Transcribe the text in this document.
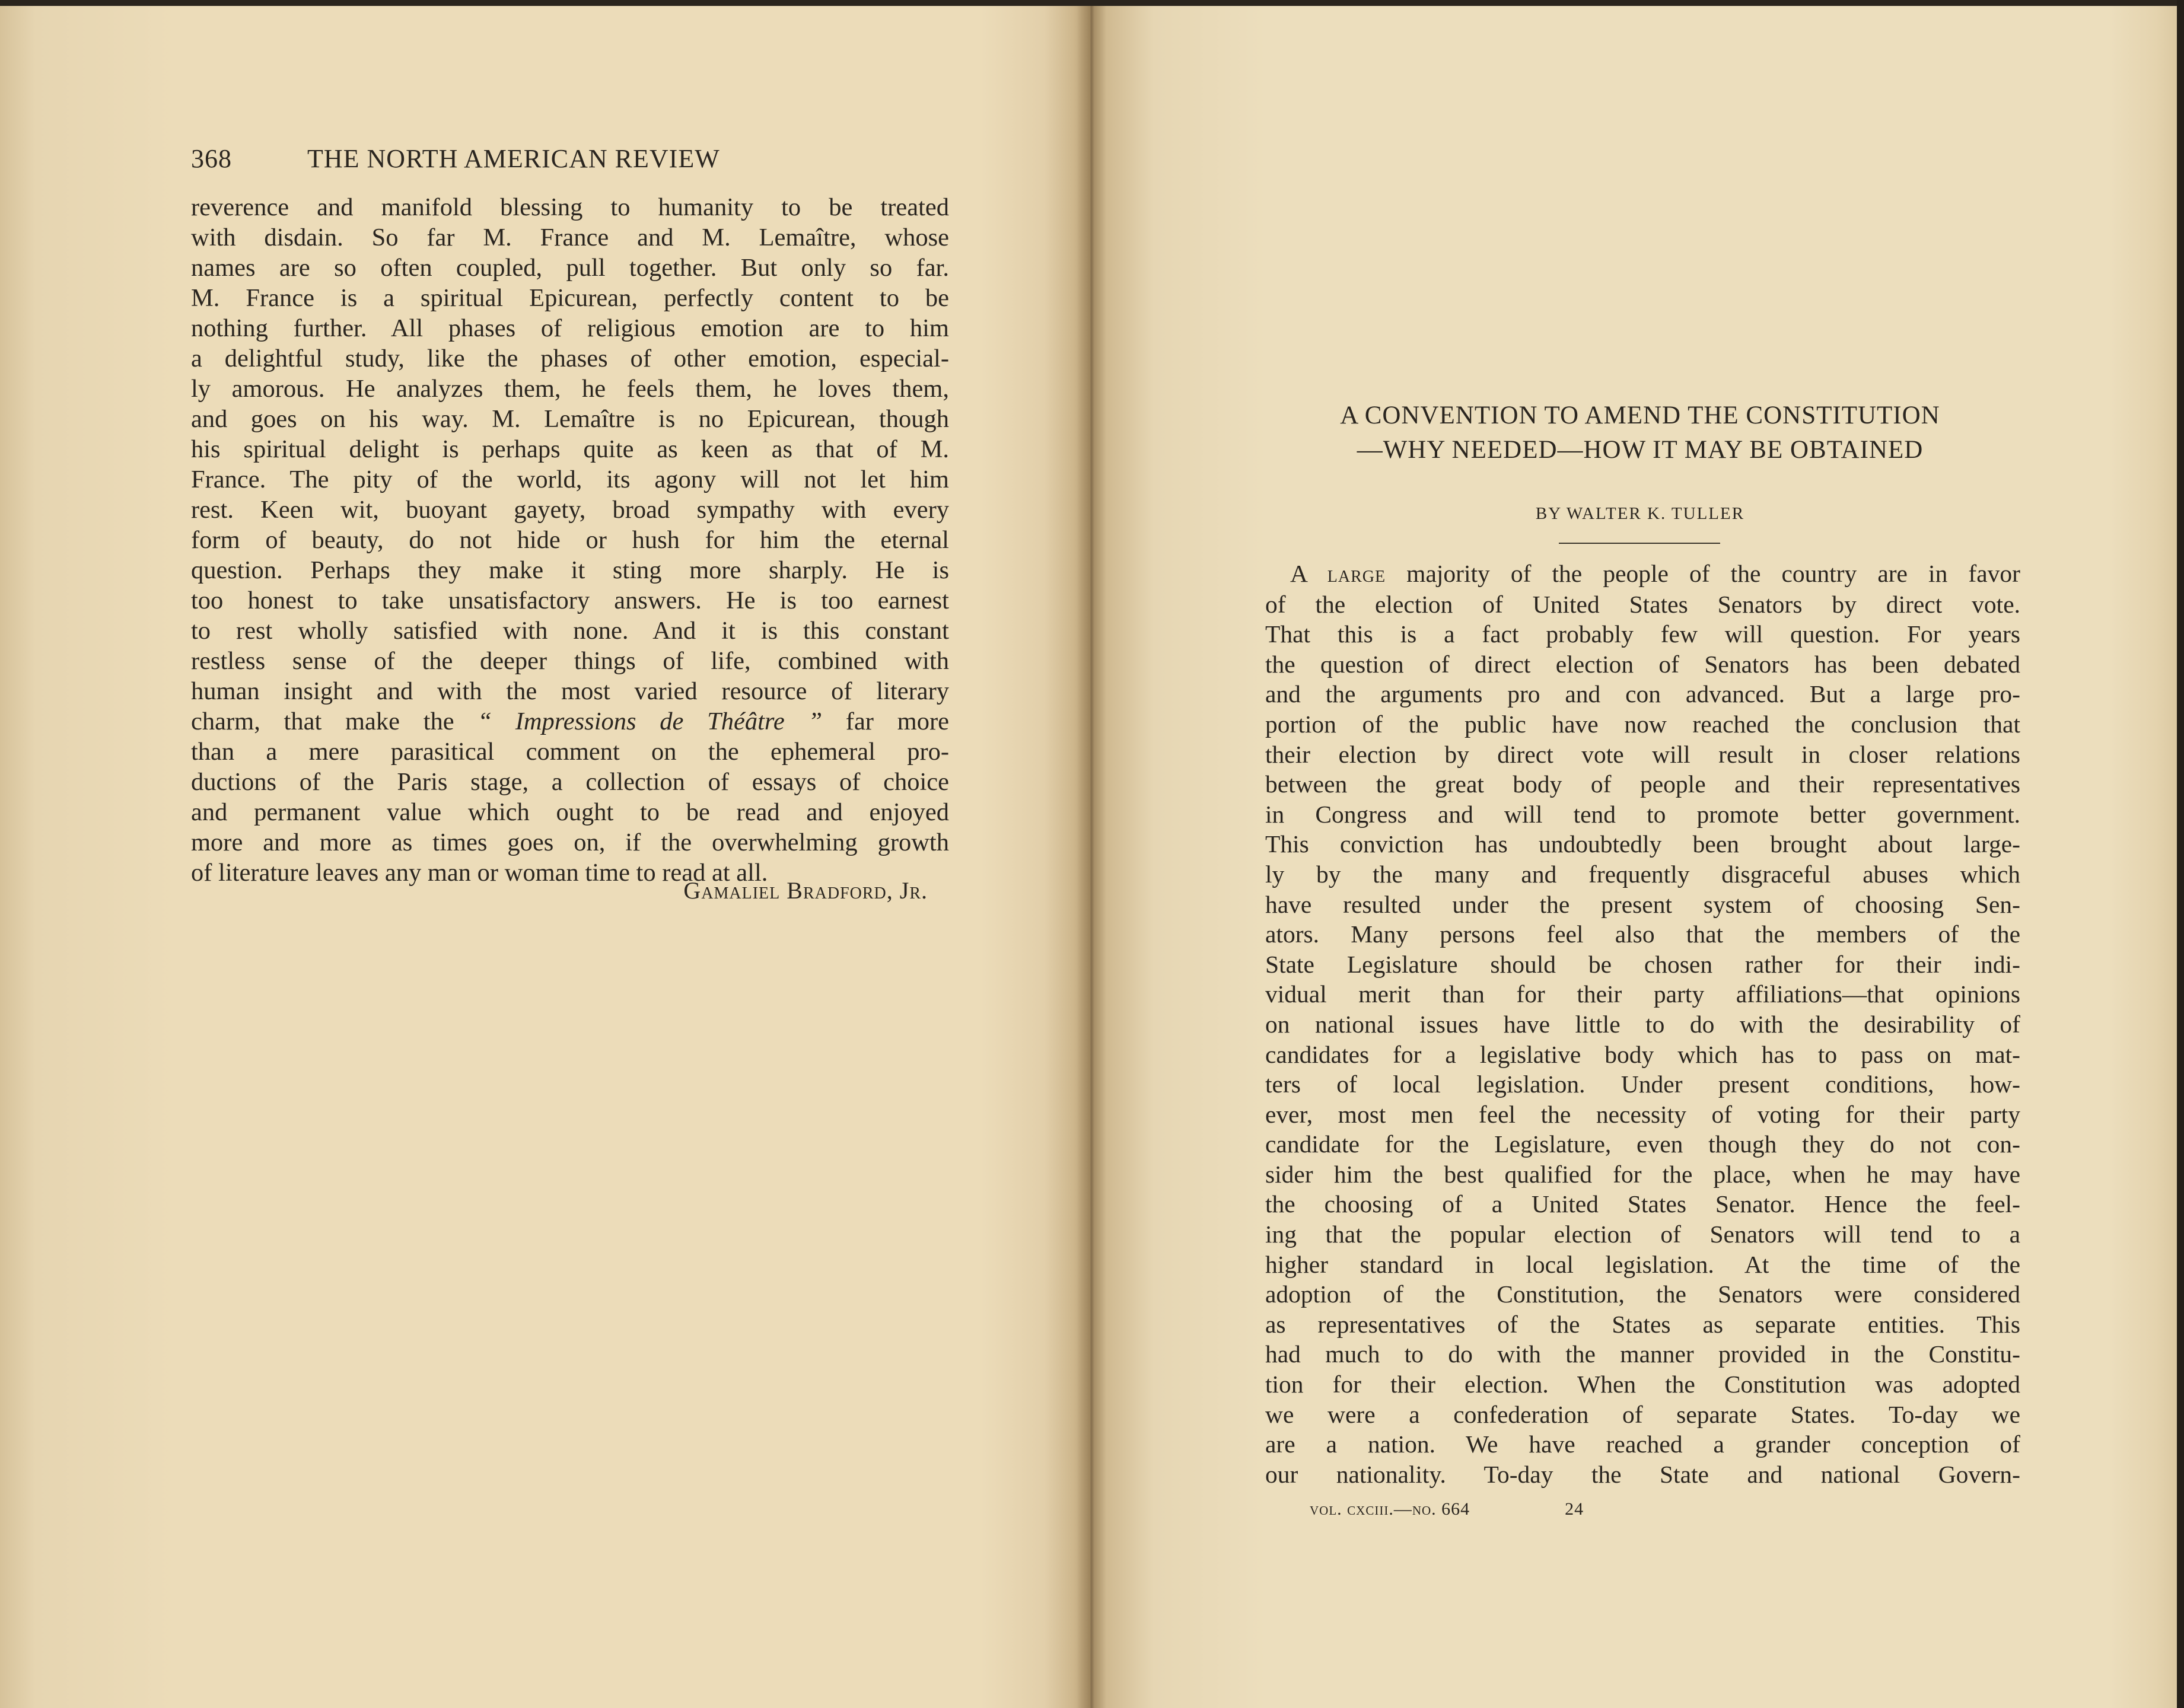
368	THE NORTH AMERICAN REVIEW
reverence and manifold blessing to humanity to be treated
with disdain. So far M. France and M. Lemaître, whose
names are so often coupled, pull together. But only so far.
M. France is a spiritual Epicurean, perfectly content to be
nothing further. All phases of religious emotion are to him
a delightful study, like the phases of other emotion, especial-
ly amorous. He analyzes them, he feels them, he loves them,
and goes on his way. M. Lemaître is no Epicurean, though
his spiritual delight is perhaps quite as keen as that of M.
France. The pity of the world, its agony will not let him
rest. Keen wit, buoyant gayety, broad sympathy with every
form of beauty, do not hide or hush for him the eternal
question. Perhaps they make it sting more sharply. He is
too honest to take unsatisfactory answers. He is too earnest
to rest wholly satisfied with none. And it is this constant
restless sense of the deeper things of life, combined with
human insight and with the most varied resource of literary
charm, that make the “ Impressions de Théâtre ” far more
than a mere parasitical comment on the ephemeral pro-
ductions of the Paris stage, a collection of essays of choice
and permanent value which ought to be read and enjoyed
more and more as times goes on, if the overwhelming growth
of literature leaves any man or woman time to read at all.
Gamaliel Bradford, Jr.
A CONVENTION TO AMEND THE CONSTITUTION
—WHY NEEDED—HOW IT MAY BE OBTAINED
BY WALTER K. TULLER
A large majority of the people of the country are in favor
of the election of United States Senators by direct vote.
That this is a fact probably few will question. For years
the question of direct election of Senators has been debated
and the arguments pro and con advanced. But a large pro-
portion of the public have now reached the conclusion that
their election by direct vote will result in closer relations
between the great body of people and their representatives
in Congress and will tend to promote better government.
This conviction has undoubtedly been brought about large-
ly by the many and frequently disgraceful abuses which
have resulted under the present system of choosing Sen-
ators. Many persons feel also that the members of the
State Legislature should be chosen rather for their indi-
vidual merit than for their party affiliations—that opinions
on national issues have little to do with the desirability of
candidates for a legislative body which has to pass on mat-
ters of local legislation. Under present conditions, how-
ever, most men feel the necessity of voting for their party
candidate for the Legislature, even though they do not con-
sider him the best qualified for the place, when he may have
the choosing of a United States Senator. Hence the feel-
ing that the popular election of Senators will tend to a
higher standard in local legislation. At the time of the
adoption of the Constitution, the Senators were considered
as representatives of the States as separate entities. This
had much to do with the manner provided in the Constitu-
tion for their election. When the Constitution was adopted
we were a confederation of separate States. To-day we
are a nation. We have reached a grander conception of
our nationality. To-day the State and national Govern-
vol. cxciii.—no. 664	24
